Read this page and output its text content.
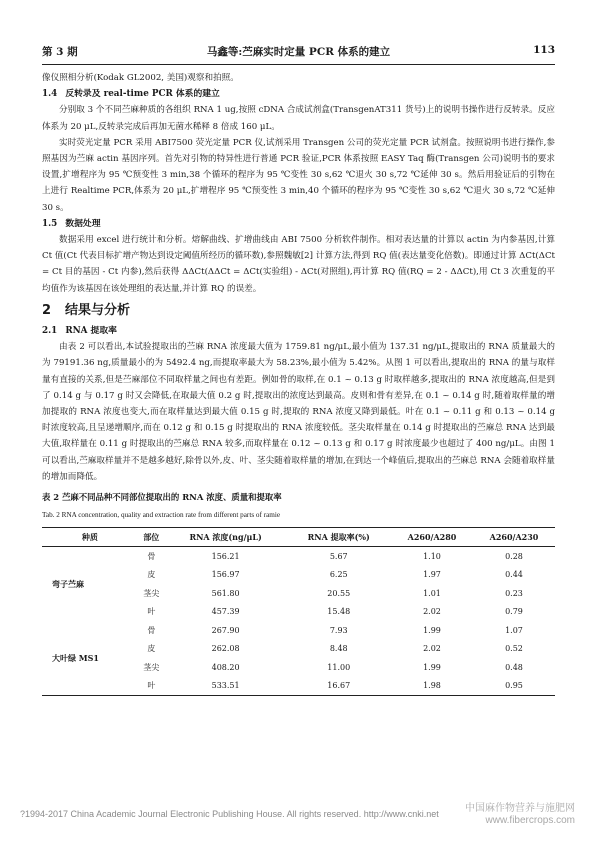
第 3 期	马鑫等:苎麻实时定量 PCR 体系的建立	113

像仪照相分析(Kodak GL2002, 美国)观察和拍照。

1.4 反转录及 real-time PCR 体系的建立

分别取 3 个不同苎麻种质的各组织 RNA 1 ug,按照 cDNA 合成试剂盒(TransgenAT311 货号)上的说明书操作进行反转录。反应体系为 20 μL,反转录完成后再加无菌水稀释 8 倍成 160 μL。

实时荧光定量 PCR 采用 ABI7500 荧光定量 PCR 仪,试剂采用 Transgen 公司的荧光定量 PCR 试剂盒。按照说明书进行操作,参照基因为苎麻 actin 基因序列。首先对引物的特异性进行普通 PCR 验证,PCR 体系按照 EASY Taq 酶(Transgen 公司)说明书的要求设置,扩增程序为 95 ℃预变性 3 min,38 个循环的程序为 95 ℃变性 30 s,62 ℃退火 30 s,72 ℃延伸 30 s。然后用验证后的引物在上进行 Realtime PCR,体系为 20 μL,扩增程序 95 ℃预变性 3 min,40 个循环的程序为 95 ℃变性 30 s,62 ℃退火 30 s,72 ℃延伸 30 s。

1.5 数据处理

数据采用 excel 进行统计和分析。熔解曲线、扩增曲线由 ABI 7500 分析软件制作。相对表达量的计算以 actin 为内参基因,计算 Ct 值(Ct 代表目标扩增产物达到设定阈值所经历的循环数),参照魏敏[2] 计算方法,得到 RQ 值(表达量变化倍数)。即通过计算 ΔCt(ΔCt = Ct 目的基因 - Ct 内参),然后获得 ΔΔCt(ΔΔCt = ΔCt(实验组) - ΔCt(对照组),再计算 RQ 值(RQ = 2 - ΔΔCt),用 Ct 3 次重复的平均值作为该基因在该处理组的表达量,并计算 RQ 的误差。

2 结果与分析

2.1 RNA 提取率

由表 2 可以看出,本试验提取出的苎麻 RNA 浓度最大值为 1759.81 ng/μL,最小值为 137.31 ng/μL,提取出的 RNA 质量最大的为 79191.36 ng,质量最小的为 5492.4 ng,而提取率最大为 58.23%,最小值为 5.42%。从图 1 可以看出,提取出的 RNA 的量与取样量有直接的关系,但是苎麻部位不同取样量之间也有差距。例如骨的取样,在 0.1 ~ 0.13 g 时取样越多,提取出的 RNA 浓度越高,但是到了 0.14 g 与 0.17 g 时又会降低,在取最大值 0.2 g 时,提取出的浓度达到最高。皮则和骨有差异,在 0.1 ~ 0.14 g 时,随着取样量的增加提取的 RNA 浓度也变大,而在取样量达到最大值 0.15 g 时,提取的 RNA 浓度又降到最低。叶在 0.1 ~ 0.11 g 和 0.13 ~ 0.14 g 时浓度较高,且呈递增顺序,而在 0.12 g 和 0.15 g 时提取出的 RNA 浓度较低。茎尖取样量在 0.14 g 时提取出的苎麻总 RNA 达到最大值,取样量在 0.11 g 时提取出的苎麻总 RNA 较多,而取样量在 0.12 ~ 0.13 g 和 0.17 g 时浓度最少也超过了 400 ng/μL。由图 1 可以看出,苎麻取样量并不是越多越好,除骨以外,皮、叶、茎尖随着取样量的增加,在到达一个峰值后,提取出的苎麻总 RNA 会随着取样量的增加而降低。

表 2 苎麻不同品种不同部位提取出的 RNA 浓度、质量和提取率

Tab. 2 RNA concentration, quality and extraction rate from different parts of ramie

种质	部位	RNA 浓度(ng/μL)	RNA 提取率(%)	A260/A280	A260/A230
弯子苎麻	骨	156.21	5.67	1.10	0.28
	皮	156.97	6.25	1.97	0.44
	茎尖	561.80	20.55	1.01	0.23
	叶	457.39	15.48	2.02	0.79
大叶绿 MS1	骨	267.90	7.93	1.99	1.07
	皮	262.08	8.48	2.02	0.52
	茎尖	408.20	11.00	1.99	0.48
	叶	533.51	16.67	1.98	0.95
?1994-2017 China Academic Journal Electronic Publishing House. All rights reserved. http://www.cnki.net	中国麻作物营养与施肥网
www.fibercrops.com
